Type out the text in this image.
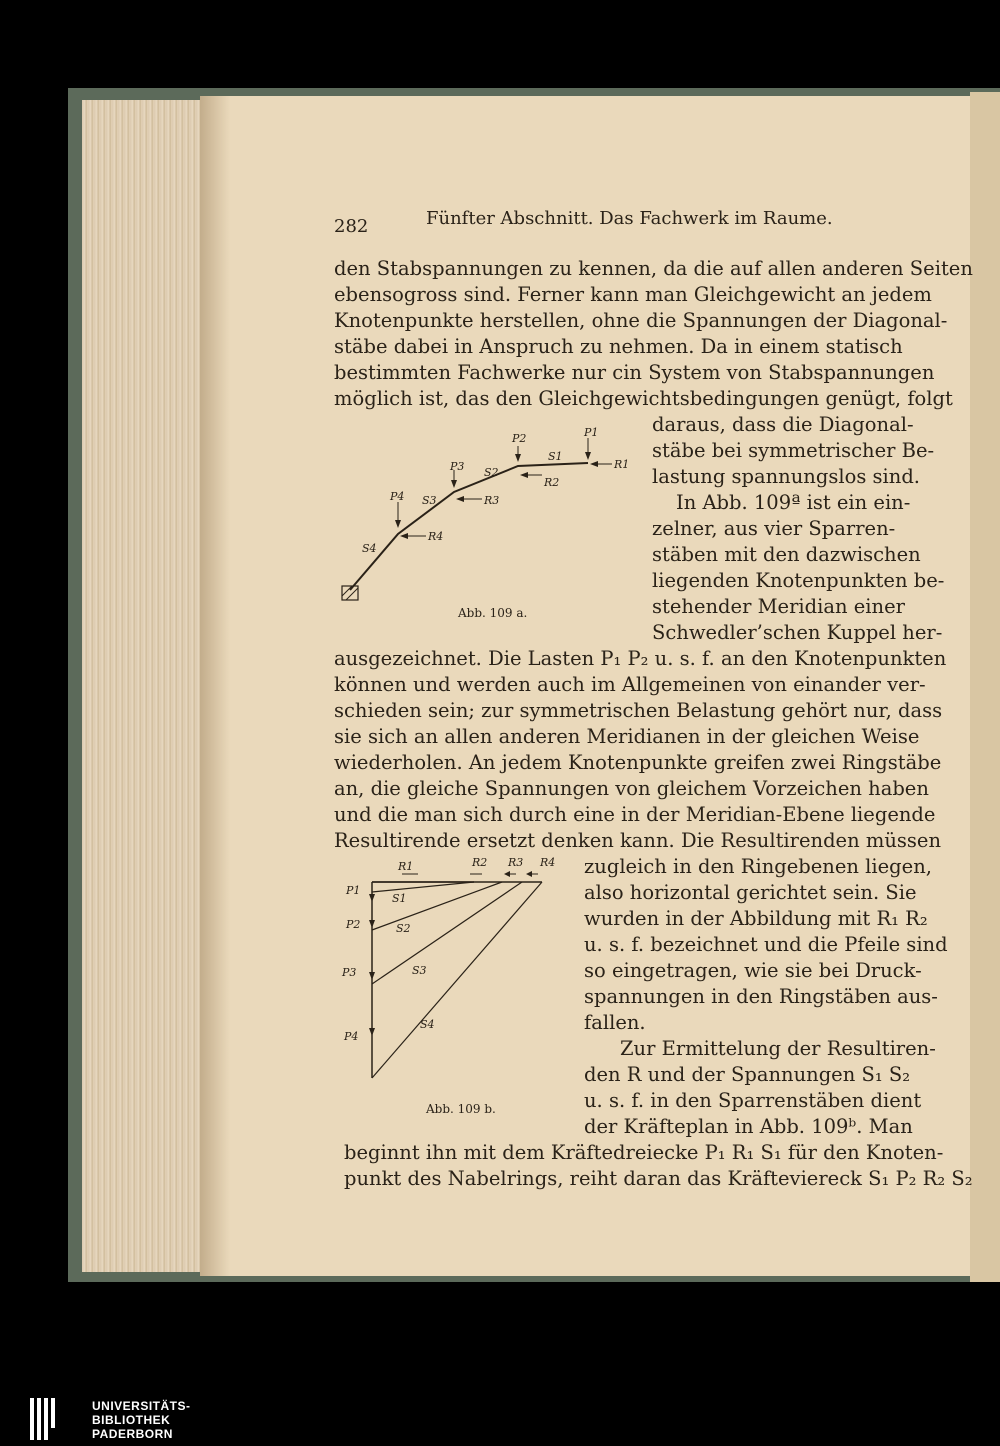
282	Fünfter Abschnitt. Das Fachwerk im Raume.
den Stabspannungen zu kennen, da die auf allen anderen Seiten
ebensogross sind. Ferner kann man Gleichgewicht an jedem
Knotenpunkte herstellen, ohne die Spannungen der Diagonal-
stäbe dabei in Anspruch zu nehmen. Da in einem statisch
bestimmten Fachwerke nur cin System von Stabspannungen
möglich ist, das den Gleichgewichtsbedingungen genügt, folgt
daraus, dass die Diagonal-
stäbe bei symmetrischer Be-
lastung spannungslos sind.
In Abb. 109ª ist ein ein-
zelner, aus vier Sparren-
stäben mit den dazwischen
liegenden Knotenpunkten be-
stehender Meridian einer
Schwedler’schen Kuppel her-
ausgezeichnet. Die Lasten P₁ P₂ u. s. f. an den Knotenpunkten
können und werden auch im Allgemeinen von einander ver-
schieden sein; zur symmetrischen Belastung gehört nur, dass
sie sich an allen anderen Meridianen in der gleichen Weise
wiederholen. An jedem Knotenpunkte greifen zwei Ringstäbe
an, die gleiche Spannungen von gleichem Vorzeichen haben
und die man sich durch eine in der Meridian-Ebene liegende
Resultirende ersetzt denken kann. Die Resultirenden müssen
zugleich in den Ringebenen liegen,
also horizontal gerichtet sein. Sie
wurden in der Abbildung mit R₁ R₂
u. s. f. bezeichnet und die Pfeile sind
so eingetragen, wie sie bei Druck-
spannungen in den Ringstäben aus-
fallen.
Zur Ermittelung der Resultiren-
den R und der Spannungen S₁ S₂
u. s. f. in den Sparrenstäben dient
der Kräfteplan in Abb. 109ᵇ. Man
beginnt ihn mit dem Kräftedreiecke P₁ R₁ S₁ für den Knoten-
punkt des Nabelrings, reiht daran das Kräfteviereck S₁ P₂ R₂ S₂
P1
P2
P3
P4
S1
S2
S3
S4
R1
R2
R3
R4
Abb. 109 a.
R1	R2 R3 R4
P1
P2
P3
P4
S1
S2
S3
S4
Abb. 109 b.
UNIVERSITÄTS-
BIBLIOTHEK
PADERBORN
